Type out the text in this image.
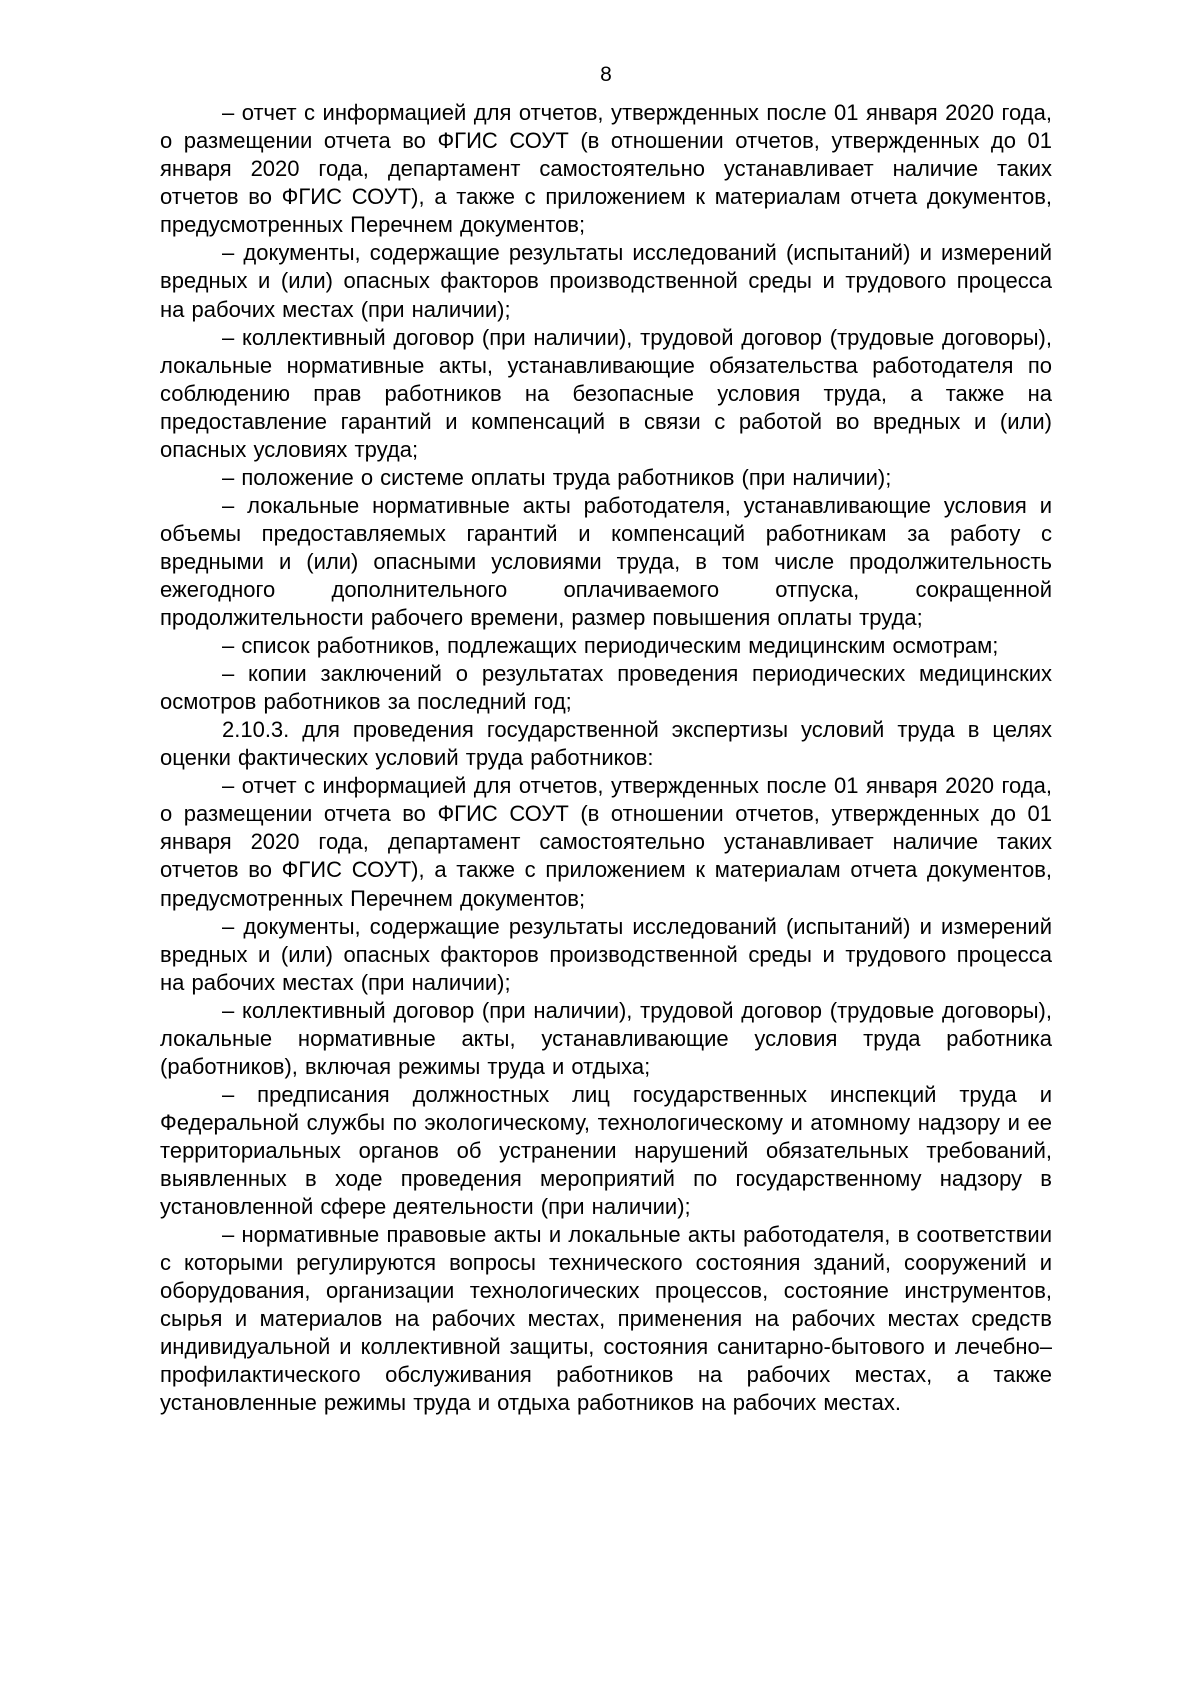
8

– отчет с информацией для отчетов, утвержденных после 01 января 2020 года, о размещении отчета во ФГИС СОУТ (в отношении отчетов, утвержденных до 01 января 2020 года, департамент самостоятельно устанавливает наличие таких отчетов во ФГИС СОУТ), а также с приложением к материалам отчета документов, предусмотренных Перечнем документов;

– документы, содержащие результаты исследований (испытаний) и измерений вредных и (или) опасных факторов производственной среды и трудового процесса на рабочих местах (при наличии);

– коллективный договор (при наличии), трудовой договор (трудовые договоры), локальные нормативные акты, устанавливающие обязательства работодателя по соблюдению прав работников на безопасные условия труда, а также на предоставление гарантий и компенсаций в связи с работой во вредных и (или) опасных условиях труда;

– положение о системе оплаты труда работников (при наличии);

– локальные нормативные акты работодателя, устанавливающие условия и объемы предоставляемых гарантий и компенсаций работникам за работу с вредными и (или) опасными условиями труда, в том числе продолжительность ежегодного дополнительного оплачиваемого отпуска, сокращенной продолжительности рабочего времени, размер повышения оплаты труда;

– список работников, подлежащих периодическим медицинским осмотрам;

– копии заключений о результатах проведения периодических медицинских осмотров работников за последний год;

2.10.3. для проведения государственной экспертизы условий труда в целях оценки фактических условий труда работников:

– отчет с информацией для отчетов, утвержденных после 01 января 2020 года, о размещении отчета во ФГИС СОУТ (в отношении отчетов, утвержденных до 01 января 2020 года, департамент самостоятельно устанавливает наличие таких отчетов во ФГИС СОУТ), а также с приложением к материалам отчета документов, предусмотренных Перечнем документов;

– документы, содержащие результаты исследований (испытаний) и измерений вредных и (или) опасных факторов производственной среды и трудового процесса на рабочих местах (при наличии);

– коллективный договор (при наличии), трудовой договор (трудовые договоры), локальные нормативные акты, устанавливающие условия труда работника (работников), включая режимы труда и отдыха;

– предписания должностных лиц государственных инспекций труда и Федеральной службы по экологическому, технологическому и атомному надзору и ее территориальных органов об устранении нарушений обязательных требований, выявленных в ходе проведения мероприятий по государственному надзору в установленной сфере деятельности (при наличии);

– нормативные правовые акты и локальные акты работодателя, в соответствии с которыми регулируются вопросы технического состояния зданий, сооружений и оборудования, организации технологических процессов, состояние инструментов, сырья и материалов на рабочих местах, применения на рабочих местах средств индивидуальной и коллективной защиты, состояния санитарно-бытового и лечебно–профилактического обслуживания работников на рабочих местах, а также установленные режимы труда и отдыха работников на рабочих местах.
